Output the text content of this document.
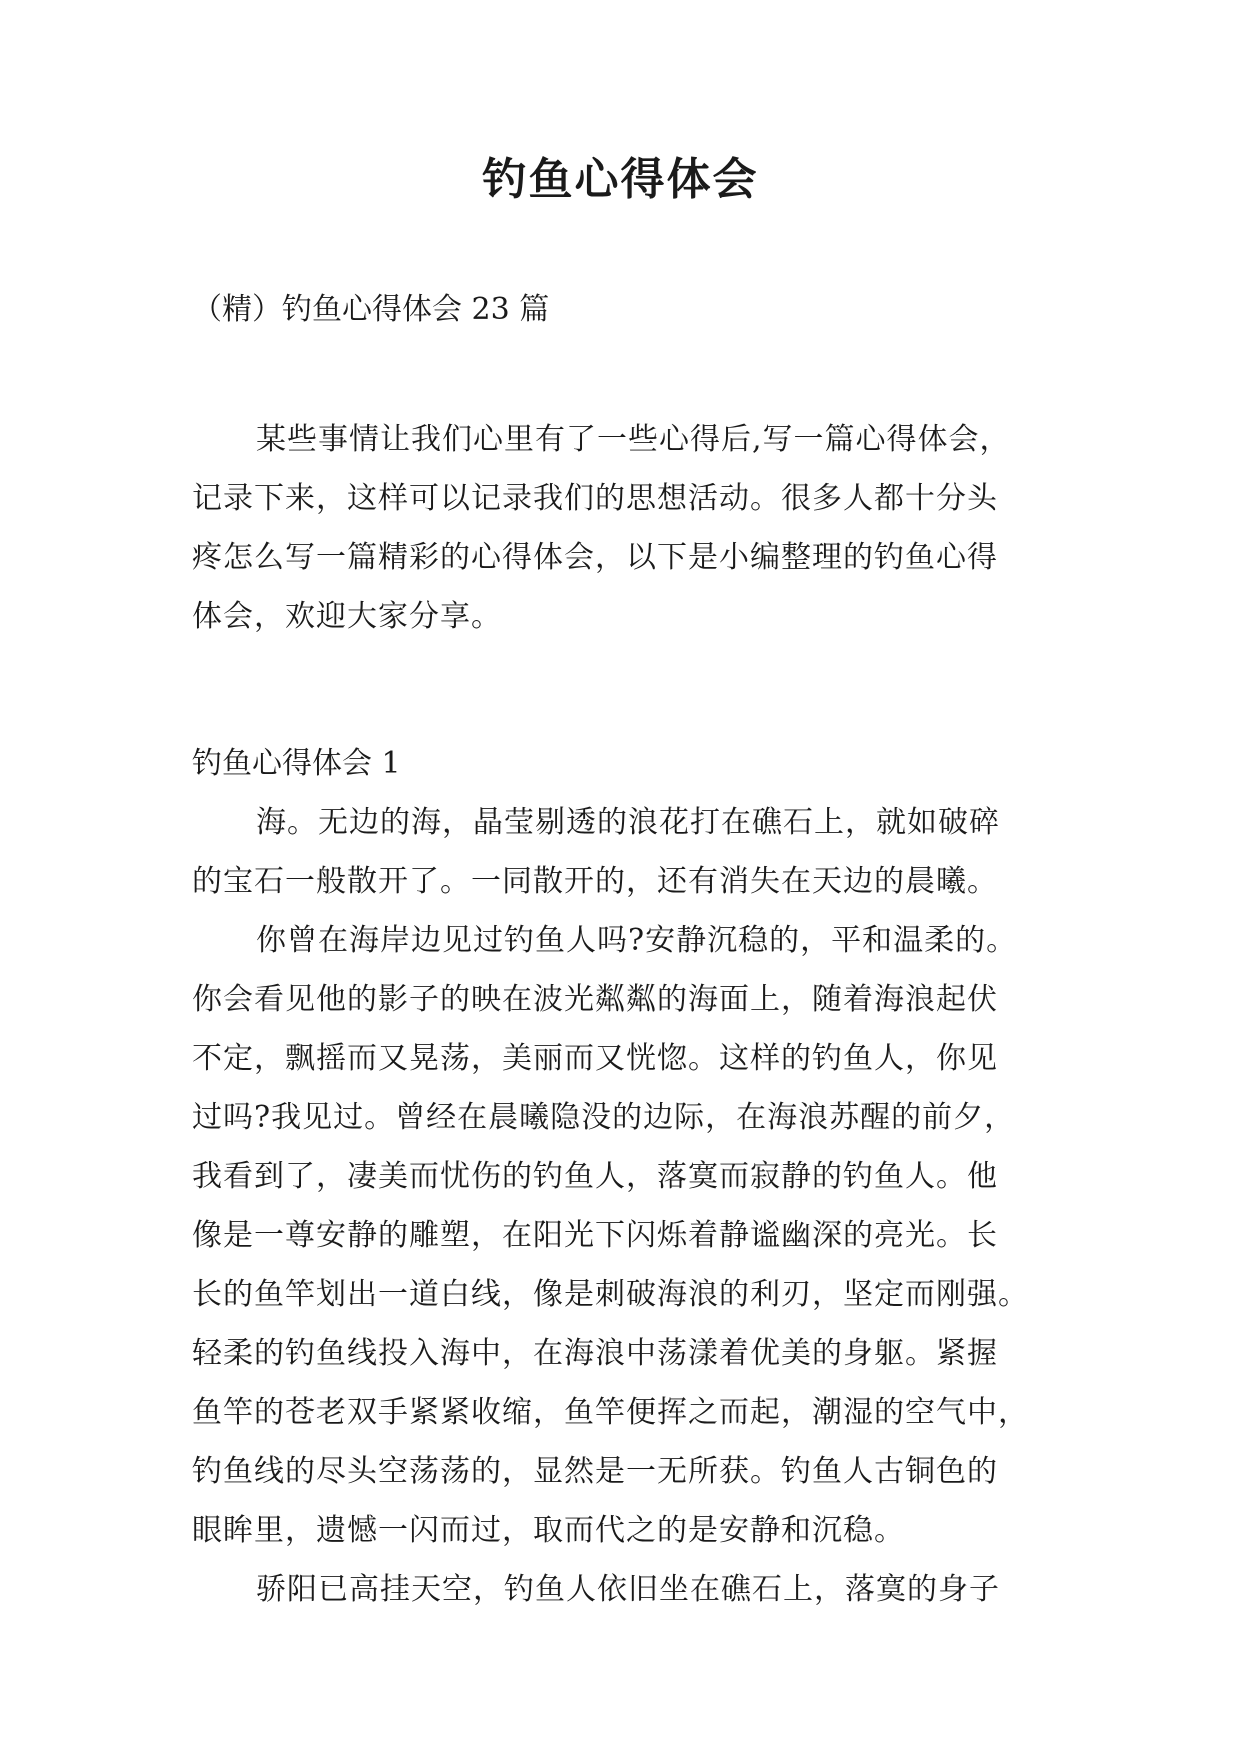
钓鱼心得体会

（精）钓鱼心得体会 23 篇

某些事情让我们心里有了一些心得后,写一篇心得体会，
记录下来，这样可以记录我们的思想活动。很多人都十分头
疼怎么写一篇精彩的心得体会，以下是小编整理的钓鱼心得
体会，欢迎大家分享。
钓鱼心得体会 1
海。无边的海，晶莹剔透的浪花打在礁石上，就如破碎
的宝石一般散开了。一同散开的，还有消失在天边的晨曦。
你曾在海岸边见过钓鱼人吗?安静沉稳的，平和温柔的。
你会看见他的影子的映在波光粼粼的海面上，随着海浪起伏
不定，飘摇而又晃荡，美丽而又恍惚。这样的钓鱼人，你见
过吗?我见过。曾经在晨曦隐没的边际，在海浪苏醒的前夕，
我看到了，凄美而忧伤的钓鱼人，落寞而寂静的钓鱼人。他
像是一尊安静的雕塑，在阳光下闪烁着静谧幽深的亮光。长
长的鱼竿划出一道白线，像是刺破海浪的利刃，坚定而刚强。
轻柔的钓鱼线投入海中，在海浪中荡漾着优美的身躯。紧握
鱼竿的苍老双手紧紧收缩，鱼竿便挥之而起，潮湿的空气中，
钓鱼线的尽头空荡荡的，显然是一无所获。钓鱼人古铜色的
眼眸里，遗憾一闪而过，取而代之的是安静和沉稳。
骄阳已高挂天空，钓鱼人依旧坐在礁石上，落寞的身子
